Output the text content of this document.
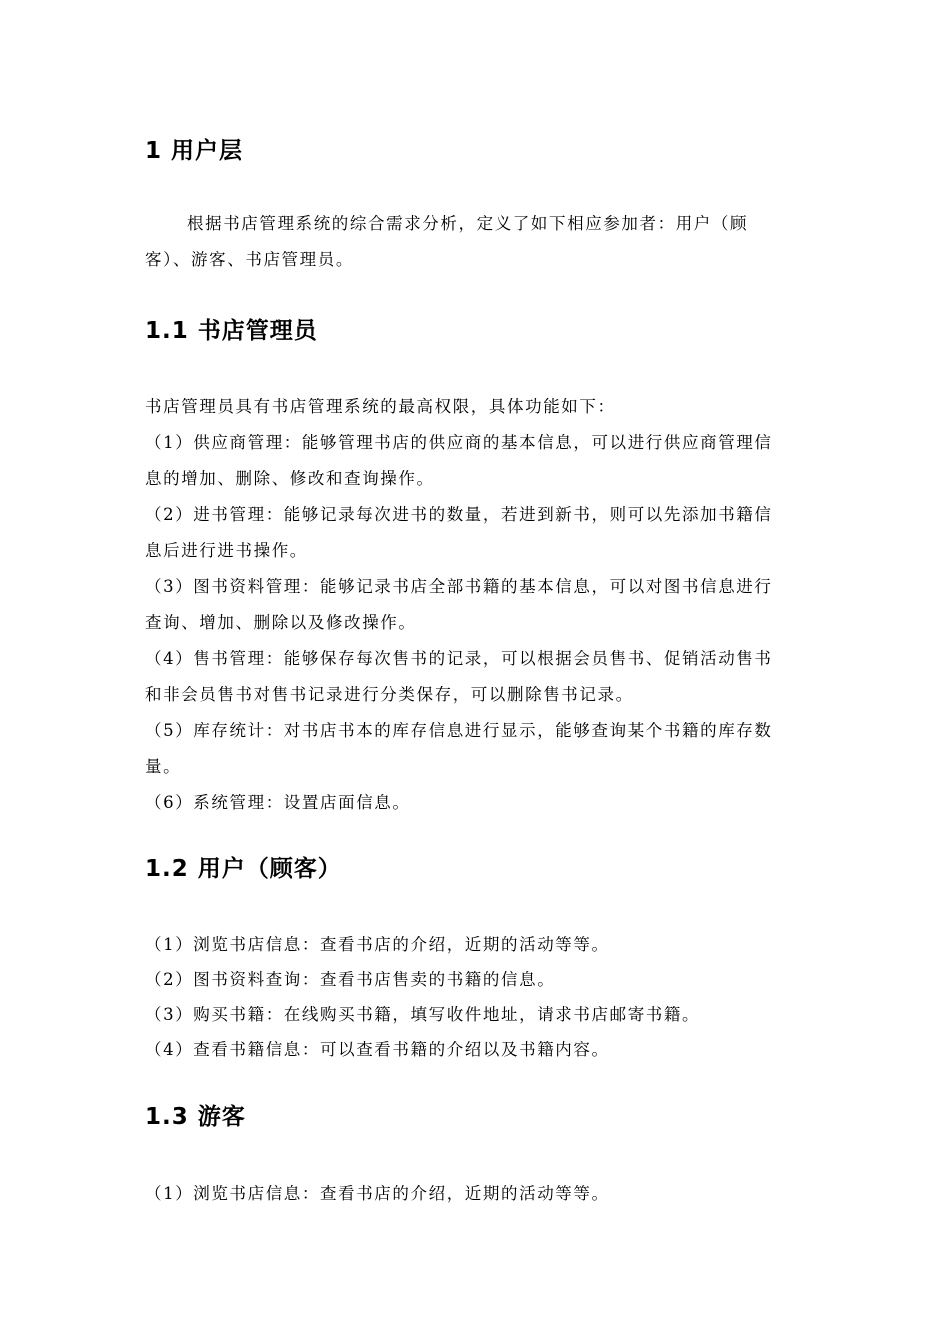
1 用户层

根据书店管理系统的综合需求分析，定义了如下相应参加者：用户（顾
客）、游客、书店管理员。

1.1 书店管理员

书店管理员具有书店管理系统的最高权限，具体功能如下：

（1）供应商管理：能够管理书店的供应商的基本信息，可以进行供应商管理信
息的增加、删除、修改和查询操作。
（2）进书管理：能够记录每次进书的数量，若进到新书，则可以先添加书籍信
息后进行进书操作。
（3）图书资料管理：能够记录书店全部书籍的基本信息，可以对图书信息进行
查询、增加、删除以及修改操作。
（4）售书管理：能够保存每次售书的记录，可以根据会员售书、促销活动售书
和非会员售书对售书记录进行分类保存，可以删除售书记录。
（5）库存统计：对书店书本的库存信息进行显示，能够查询某个书籍的库存数
量。
（6）系统管理：设置店面信息。
1.2 用户（顾客）
（1）浏览书店信息：查看书店的介绍，近期的活动等等。
（2）图书资料查询：查看书店售卖的书籍的信息。
（3）购买书籍：在线购买书籍，填写收件地址，请求书店邮寄书籍。
（4）查看书籍信息：可以查看书籍的介绍以及书籍内容。
1.3 游客
（1）浏览书店信息：查看书店的介绍，近期的活动等等。
